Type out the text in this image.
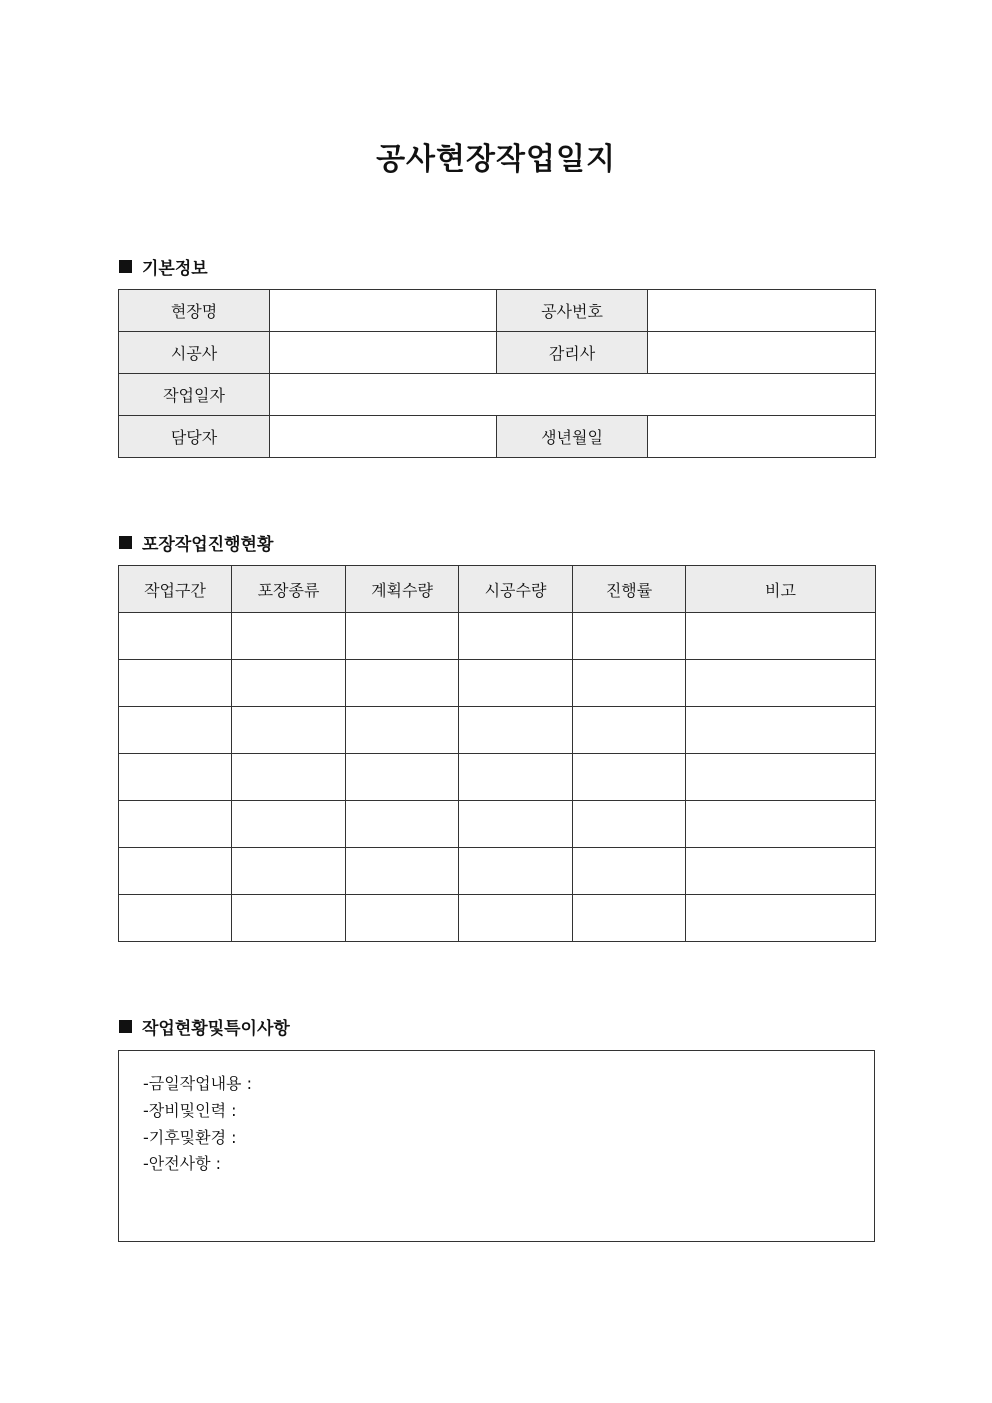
공사현장작업일지
기본정보
현장명		공사번호	
시공사		감리사	
작업일자			
담당자		생년월일	
포장작업진행현황
작업구간	포장종류	계획수량	시공수량	진행률	비고

작업현황및특이사항
-금일작업내용 :
-장비및인력 :
-기후및환경 :
-안전사항 :
